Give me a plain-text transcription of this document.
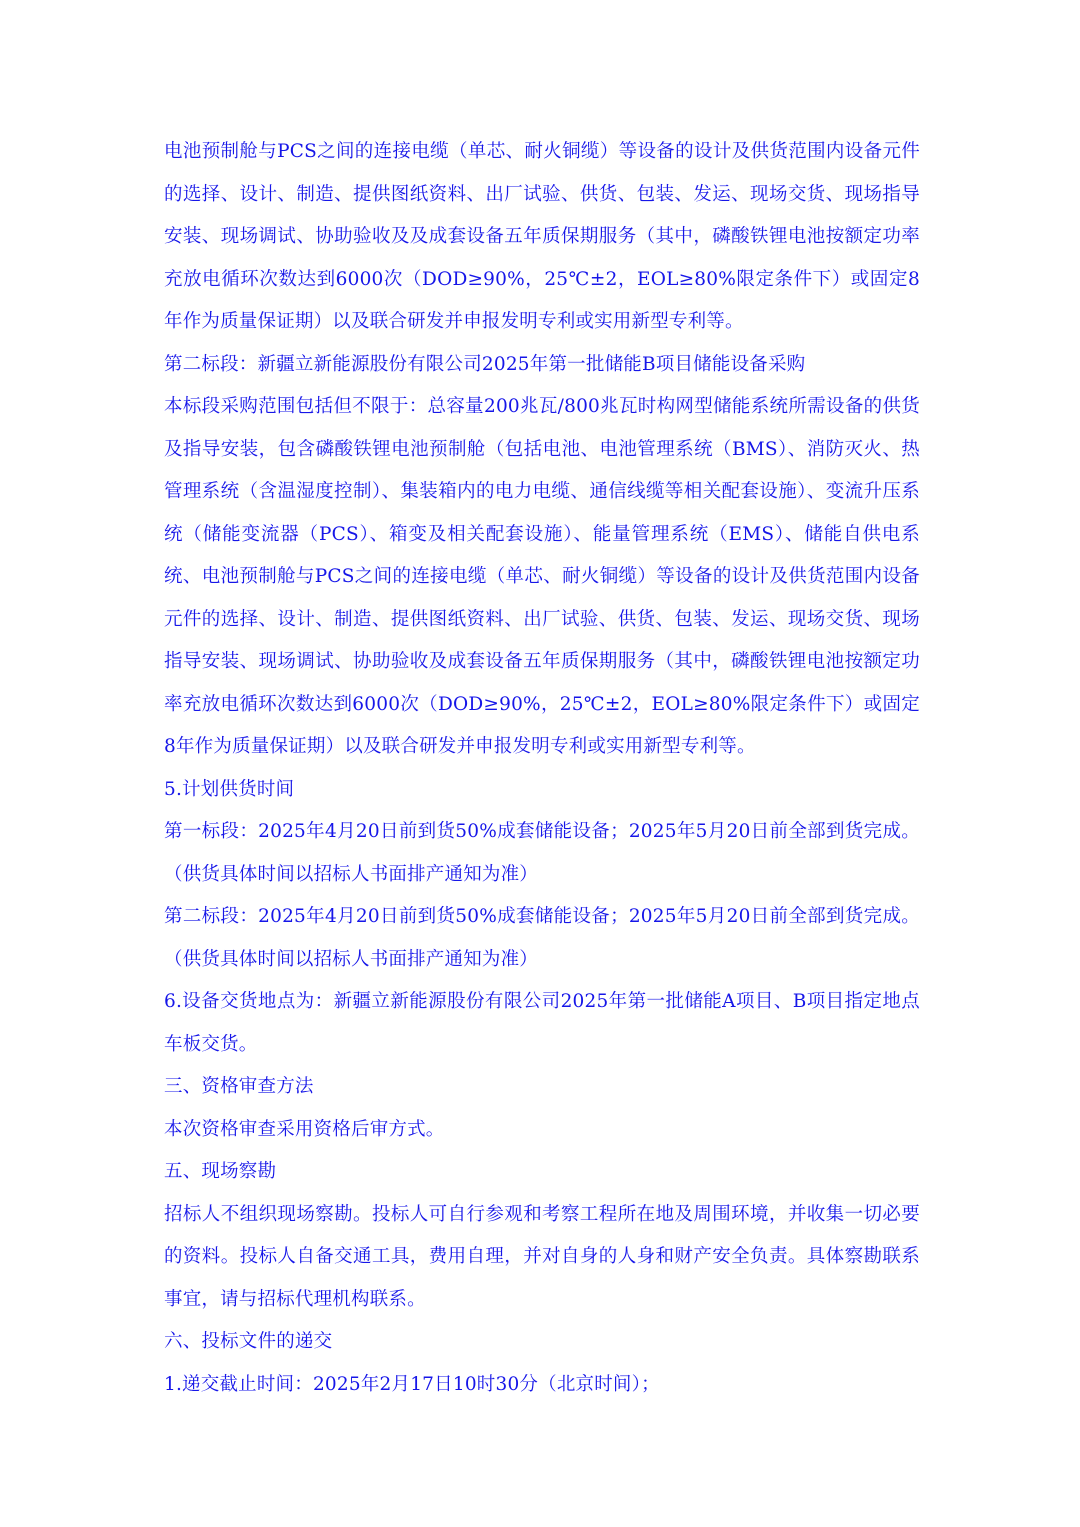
电池预制舱与PCS之间的连接电缆（单芯、耐火铜缆）等设备的设计及供货范围内设备元件的选择、设计、制造、提供图纸资料、出厂试验、供货、包装、发运、现场交货、现场指导安装、现场调试、协助验收及及成套设备五年质保期服务（其中，磷酸铁锂电池按额定功率充放电循环次数达到6000次（DOD≥90%，25℃±2，EOL≥80%限定条件下）或固定8年作为质量保证期）以及联合研发并申报发明专利或实用新型专利等。

第二标段：新疆立新能源股份有限公司2025年第一批储能B项目储能设备采购

本标段采购范围包括但不限于：总容量200兆瓦/800兆瓦时构网型储能系统所需设备的供货及指导安装，包含磷酸铁锂电池预制舱（包括电池、电池管理系统（BMS）、消防灭火、热管理系统（含温湿度控制）、集装箱内的电力电缆、通信线缆等相关配套设施）、变流升压系统（储能变流器（PCS）、箱变及相关配套设施）、能量管理系统（EMS）、储能自供电系统、电池预制舱与PCS之间的连接电缆（单芯、耐火铜缆）等设备的设计及供货范围内设备元件的选择、设计、制造、提供图纸资料、出厂试验、供货、包装、发运、现场交货、现场指导安装、现场调试、协助验收及成套设备五年质保期服务（其中，磷酸铁锂电池按额定功率充放电循环次数达到6000次（DOD≥90%，25℃±2，EOL≥80%限定条件下）或固定8年作为质量保证期）以及联合研发并申报发明专利或实用新型专利等。

5.计划供货时间

第一标段：2025年4月20日前到货50%成套储能设备；2025年5月20日前全部到货完成。（供货具体时间以招标人书面排产通知为准）

第二标段：2025年4月20日前到货50%成套储能设备；2025年5月20日前全部到货完成。（供货具体时间以招标人书面排产通知为准）

6.设备交货地点为：新疆立新能源股份有限公司2025年第一批储能A项目、B项目指定地点车板交货。

三、资格审查方法

本次资格审查采用资格后审方式。

五、现场察勘

招标人不组织现场察勘。投标人可自行参观和考察工程所在地及周围环境，并收集一切必要的资料。投标人自备交通工具，费用自理，并对自身的人身和财产安全负责。具体察勘联系事宜，请与招标代理机构联系。

六、投标文件的递交

1.递交截止时间：2025年2月17日10时30分（北京时间）；
